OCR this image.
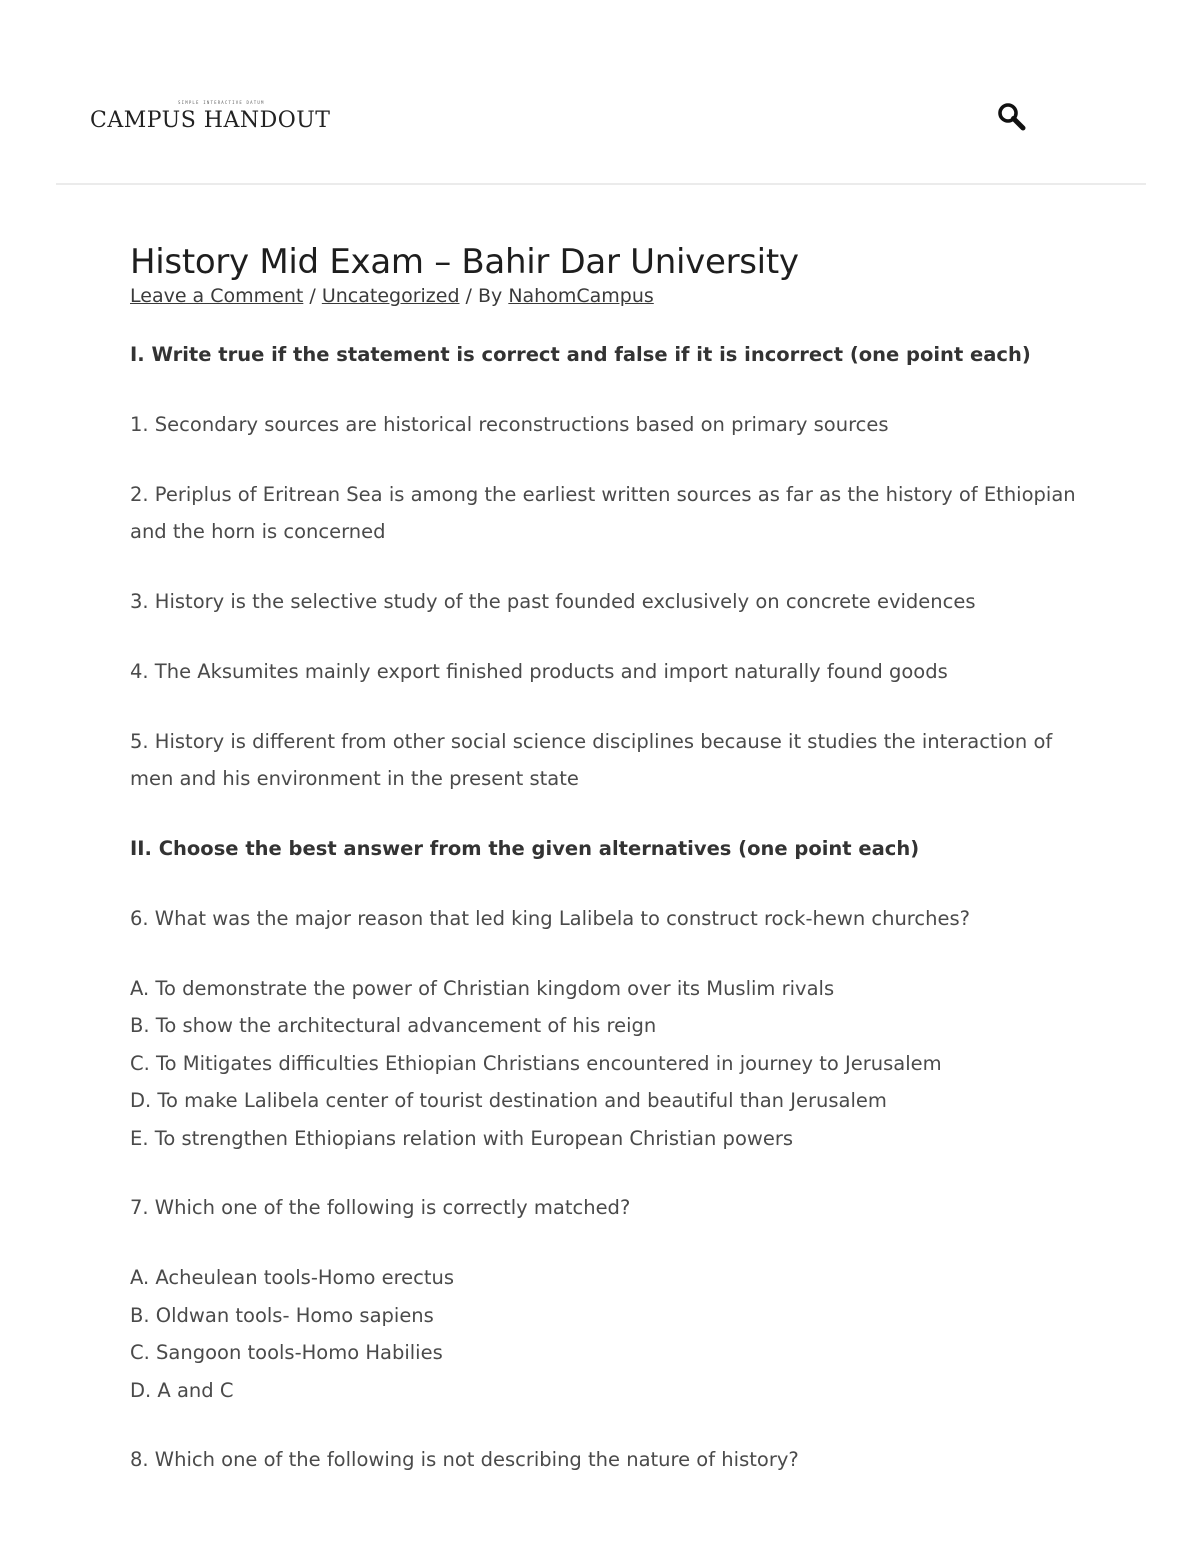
SIMPLE INTERACTIVE DATUM
CAMPUS HANDOUT
History Mid Exam – Bahir Dar University
Leave a Comment / Uncategorized / By NahomCampus

I. Write true if the statement is correct and false if it is incorrect (one point each)

1. Secondary sources are historical reconstructions based on primary sources

2. Periplus of Eritrean Sea is among the earliest written sources as far as the history of Ethiopian and the horn is concerned

3. History is the selective study of the past founded exclusively on concrete evidences

4. The Aksumites mainly export finished products and import naturally found goods

5. History is different from other social science disciplines because it studies the interaction of men and his environment in the present state

II. Choose the best answer from the given alternatives (one point each)

6. What was the major reason that led king Lalibela to construct rock-hewn churches?

A. To demonstrate the power of Christian kingdom over its Muslim rivals

B. To show the architectural advancement of his reign

C. To Mitigates difficulties Ethiopian Christians encountered in journey to Jerusalem

D. To make Lalibela center of tourist destination and beautiful than Jerusalem

E. To strengthen Ethiopians relation with European Christian powers

7. Which one of the following is correctly matched?

A. Acheulean tools-Homo erectus

B. Oldwan tools- Homo sapiens

C. Sangoon tools-Homo Habilies

D. A and C

8. Which one of the following is not describing the nature of history?
